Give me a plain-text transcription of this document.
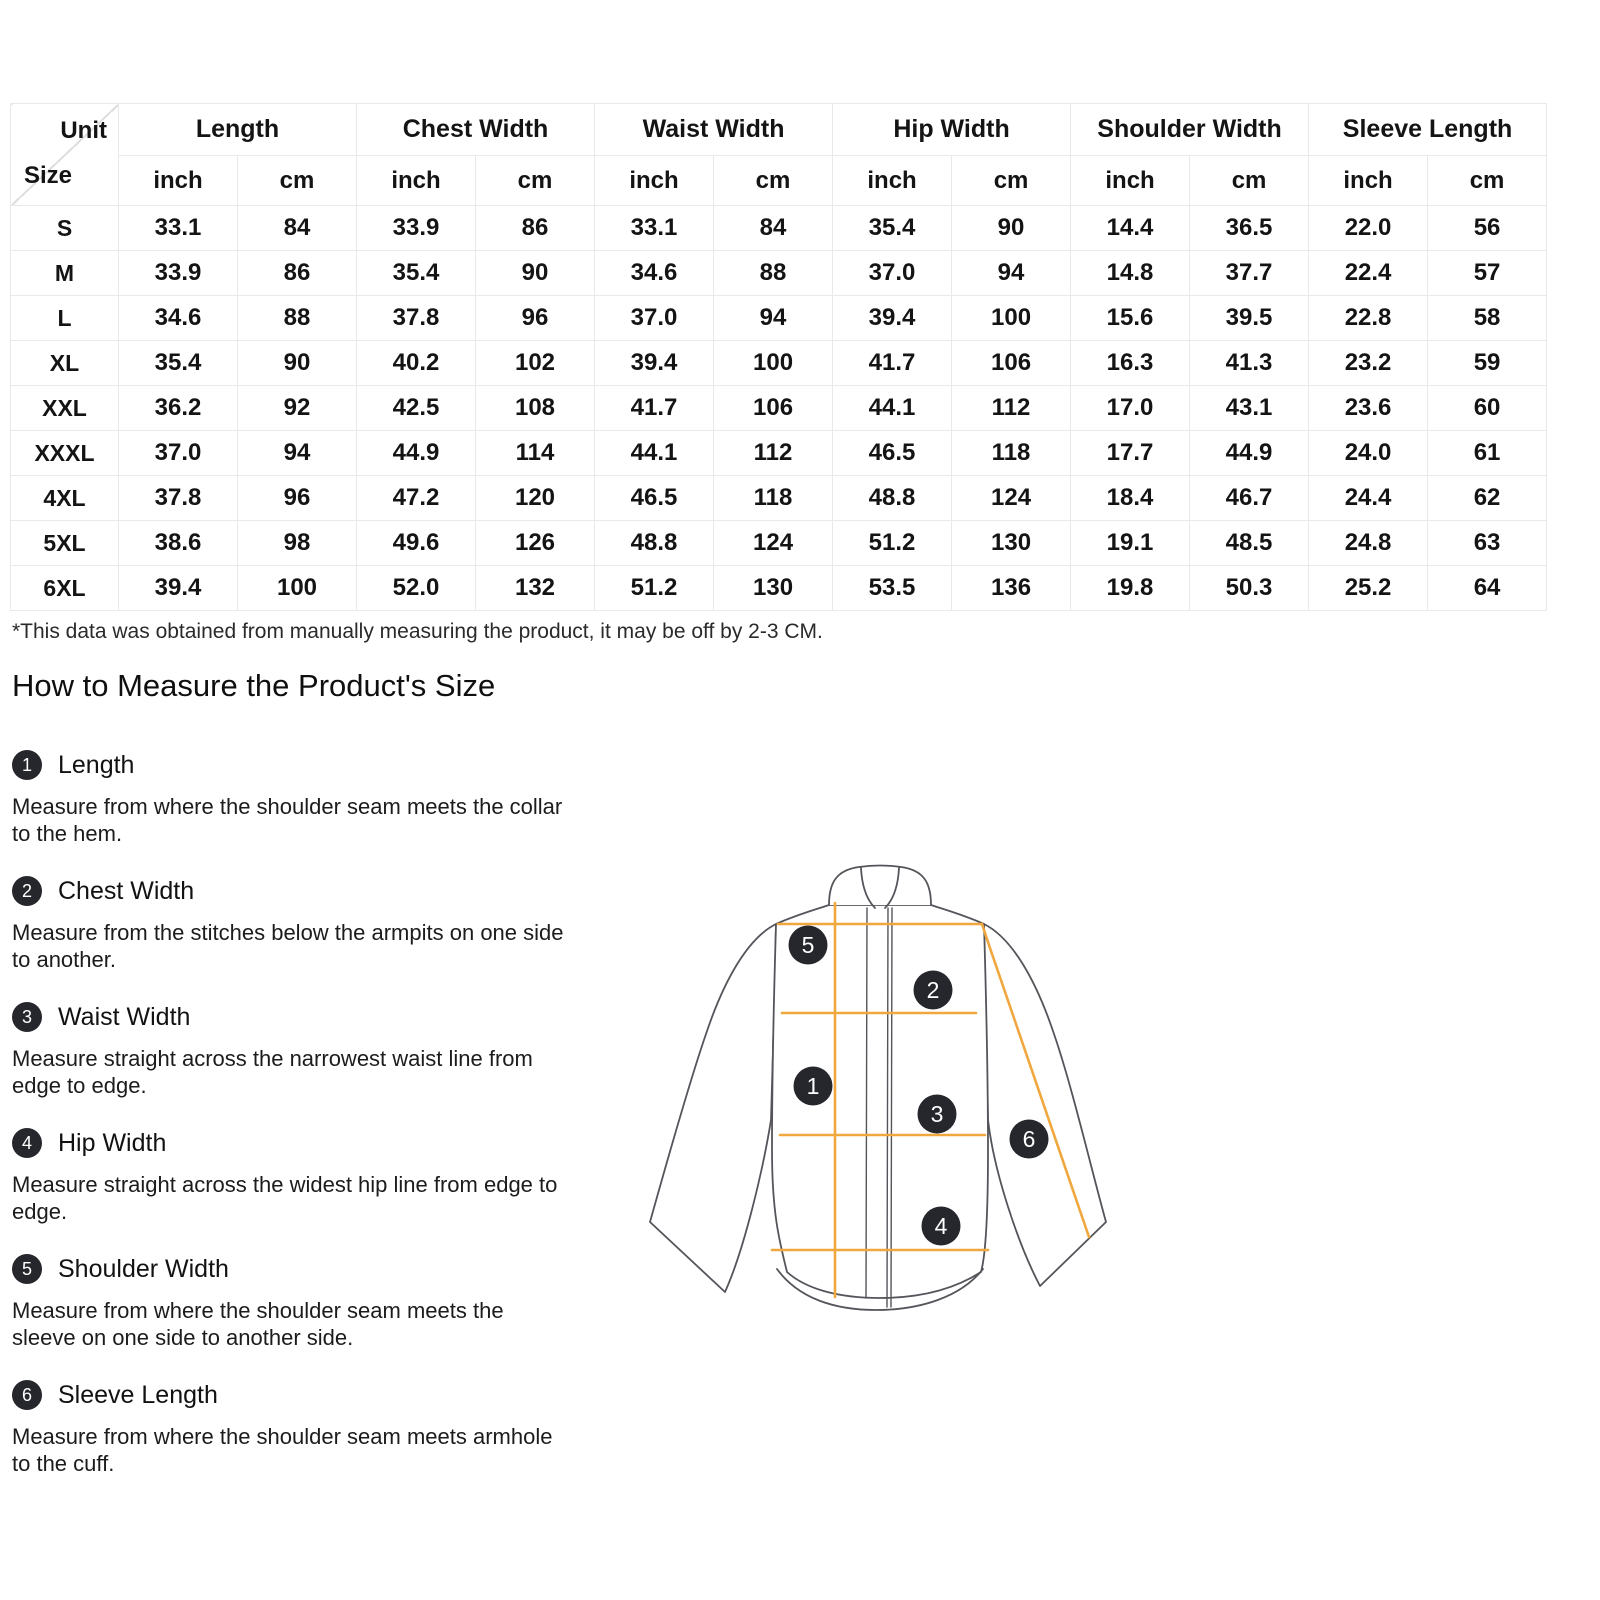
Unit
Size	Length		Chest Width		Waist Width		Hip Width		Shoulder Width		Sleeve Length	
	inch	cm	inch	cm	inch	cm	inch	cm	inch	cm	inch	cm
S	33.1	84	33.9	86	33.1	84	35.4	90	14.4	36.5	22.0	56
M	33.9	86	35.4	90	34.6	88	37.0	94	14.8	37.7	22.4	57
L	34.6	88	37.8	96	37.0	94	39.4	100	15.6	39.5	22.8	58
XL	35.4	90	40.2	102	39.4	100	41.7	106	16.3	41.3	23.2	59
XXL	36.2	92	42.5	108	41.7	106	44.1	112	17.0	43.1	23.6	60
XXXL	37.0	94	44.9	114	44.1	112	46.5	118	17.7	44.9	24.0	61
4XL	37.8	96	47.2	120	46.5	118	48.8	124	18.4	46.7	24.4	62
5XL	38.6	98	49.6	126	48.8	124	51.2	130	19.1	48.5	24.8	63
6XL	39.4	100	52.0	132	51.2	130	53.5	136	19.8	50.3	25.2	64

*This data was obtained from manually measuring the product, it may be off by 2-3 CM.

How to Measure the Product's Size
1	Length

Measure from where the shoulder seam meets the collar to the hem.

2	Chest Width

Measure from the stitches below the armpits on one side to another.

3	Waist Width

Measure straight across the narrowest waist line from edge to edge.

4	Hip Width

Measure straight across the widest hip line from edge to edge.

5	Shoulder Width

Measure from where the shoulder seam meets the sleeve on one side to another side.

6	Sleeve Length

Measure from where the shoulder seam meets armhole to the cuff.

5
2
1
3
6
4
